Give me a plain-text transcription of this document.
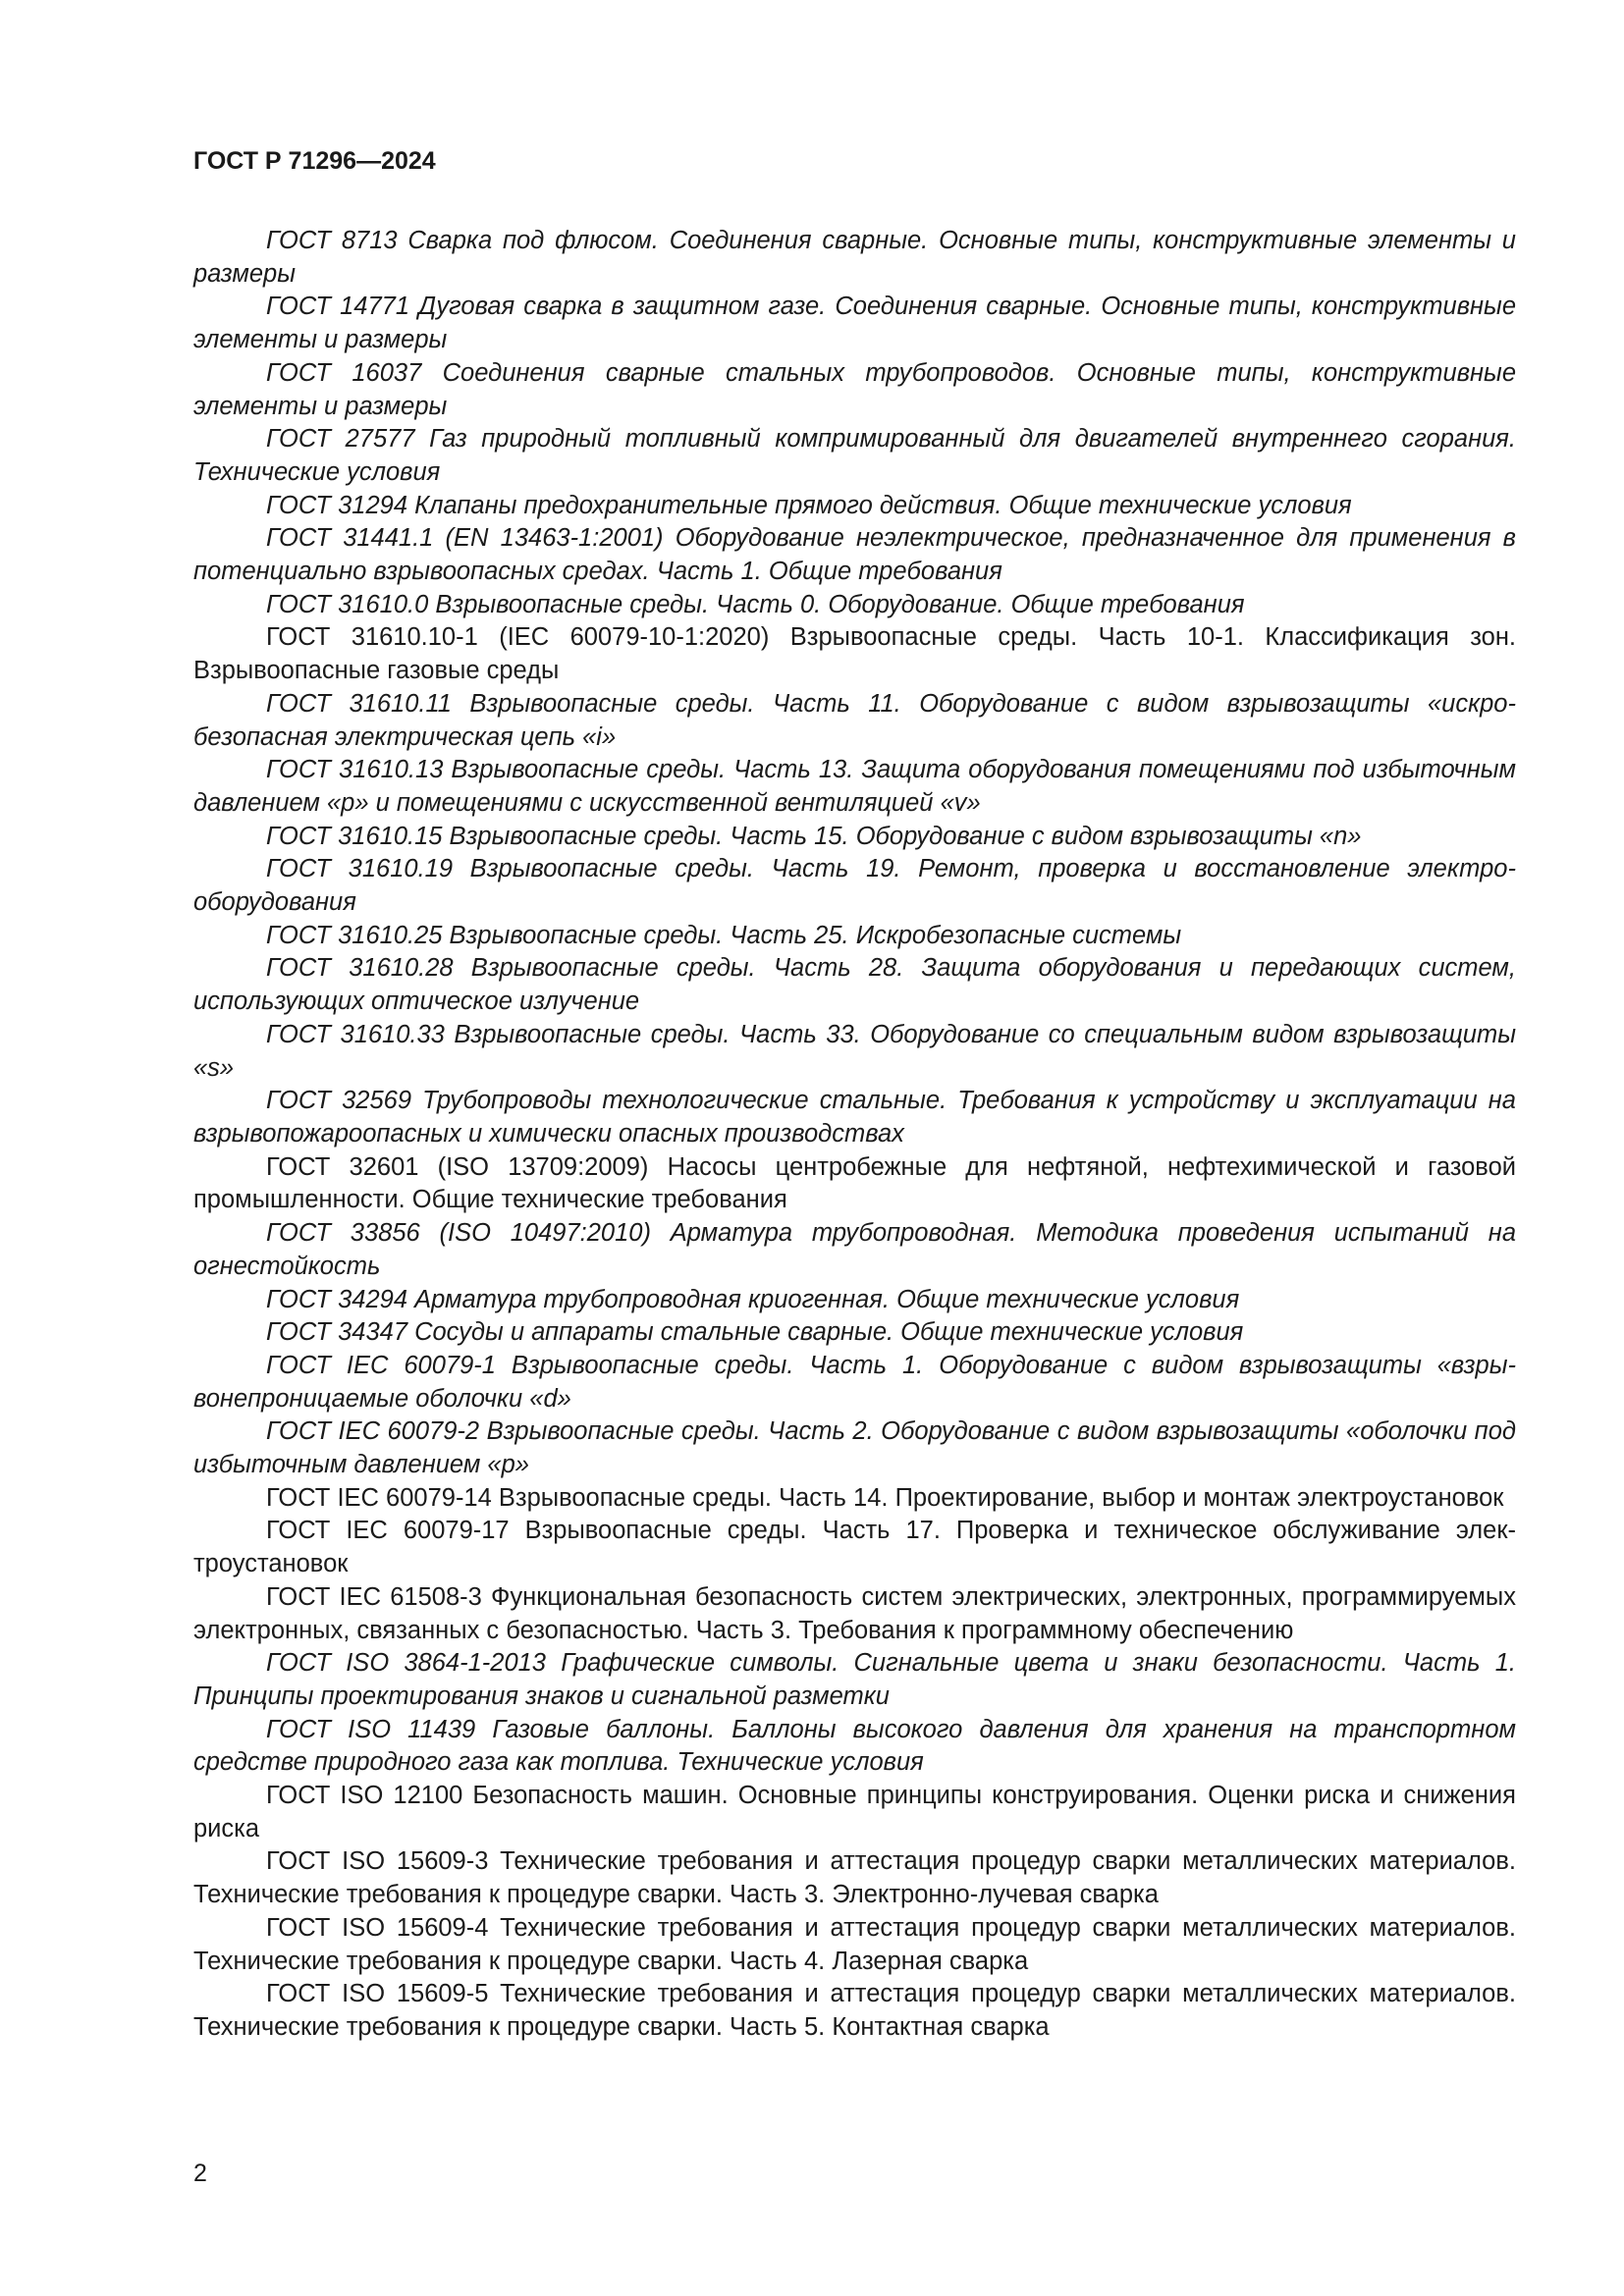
ГОСТ Р 71296—2024

ГОСТ 8713 Сварка под флюсом. Соединения сварные. Основные типы, конструктивные элементы и размеры

ГОСТ 14771 Дуговая сварка в защитном газе. Соединения сварные. Основные типы, конструктивные элементы и размеры

ГОСТ 16037 Соединения сварные стальных трубопроводов. Основные типы, конструктивные элементы и размеры

ГОСТ 27577 Газ природный топливный компримированный для двигателей внутреннего сгорания. Технические условия

ГОСТ 31294 Клапаны предохранительные прямого действия. Общие технические условия

ГОСТ 31441.1 (EN 13463-1:2001) Оборудование неэлектрическое, предназначенное для применения в потенциально взрывоопасных средах. Часть 1. Общие требования

ГОСТ 31610.0 Взрывоопасные среды. Часть 0. Оборудование. Общие требования

ГОСТ 31610.10-1 (IEC 60079-10-1:2020) Взрывоопасные среды. Часть 10-1. Классификация зон. Взрывоопасные газовые среды

ГОСТ 31610.11 Взрывоопасные среды. Часть 11. Оборудование с видом взрывозащиты «искробезопасная электрическая цепь «i»

ГОСТ 31610.13 Взрывоопасные среды. Часть 13. Защита оборудования помещениями под избыточным давлением «р» и помещениями с искусственной вентиляцией «v»

ГОСТ 31610.15 Взрывоопасные среды. Часть 15. Оборудование с видом взрывозащиты «n»

ГОСТ 31610.19 Взрывоопасные среды. Часть 19. Ремонт, проверка и восстановление электрооборудования

ГОСТ 31610.25 Взрывоопасные среды. Часть 25. Искробезопасные системы

ГОСТ 31610.28 Взрывоопасные среды. Часть 28. Защита оборудования и передающих систем, использующих оптическое излучение

ГОСТ 31610.33 Взрывоопасные среды. Часть 33. Оборудование со специальным видом взрывозащиты «s»

ГОСТ 32569 Трубопроводы технологические стальные. Требования к устройству и эксплуатации на взрывопожароопасных и химически опасных производствах

ГОСТ 32601 (ISO 13709:2009) Насосы центробежные для нефтяной, нефтехимической и газовой промышленности. Общие технические требования

ГОСТ 33856 (ISO 10497:2010) Арматура трубопроводная. Методика проведения испытаний на огнестойкость

ГОСТ 34294 Арматура трубопроводная криогенная. Общие технические условия

ГОСТ 34347 Сосуды и аппараты стальные сварные. Общие технические условия

ГОСТ IEC 60079-1 Взрывоопасные среды. Часть 1. Оборудование с видом взрывозащиты «взрывонепроницаемые оболочки «d»

ГОСТ IEC 60079-2 Взрывоопасные среды. Часть 2. Оборудование с видом взрывозащиты «оболочки под избыточным давлением «р»

ГОСТ IEC 60079-14 Взрывоопасные среды. Часть 14. Проектирование, выбор и монтаж электроустановок

ГОСТ IEC 60079-17 Взрывоопасные среды. Часть 17. Проверка и техническое обслуживание электроустановок

ГОСТ IEC 61508-3 Функциональная безопасность систем электрических, электронных, программируемых электронных, связанных с безопасностью. Часть 3. Требования к программному обеспечению

ГОСТ ISO 3864-1-2013 Графические символы. Сигнальные цвета и знаки безопасности. Часть 1. Принципы проектирования знаков и сигнальной разметки

ГОСТ ISO 11439 Газовые баллоны. Баллоны высокого давления для хранения на транспортном средстве природного газа как топлива. Технические условия

ГОСТ ISO 12100 Безопасность машин. Основные принципы конструирования. Оценки риска и снижения риска

ГОСТ ISO 15609-3 Технические требования и аттестация процедур сварки металлических материалов. Технические требования к процедуре сварки. Часть 3. Электронно-лучевая сварка

ГОСТ ISO 15609-4 Технические требования и аттестация процедур сварки металлических материалов. Технические требования к процедуре сварки. Часть 4. Лазерная сварка

ГОСТ ISO 15609-5 Технические требования и аттестация процедур сварки металлических материалов. Технические требования к процедуре сварки. Часть 5. Контактная сварка

2
